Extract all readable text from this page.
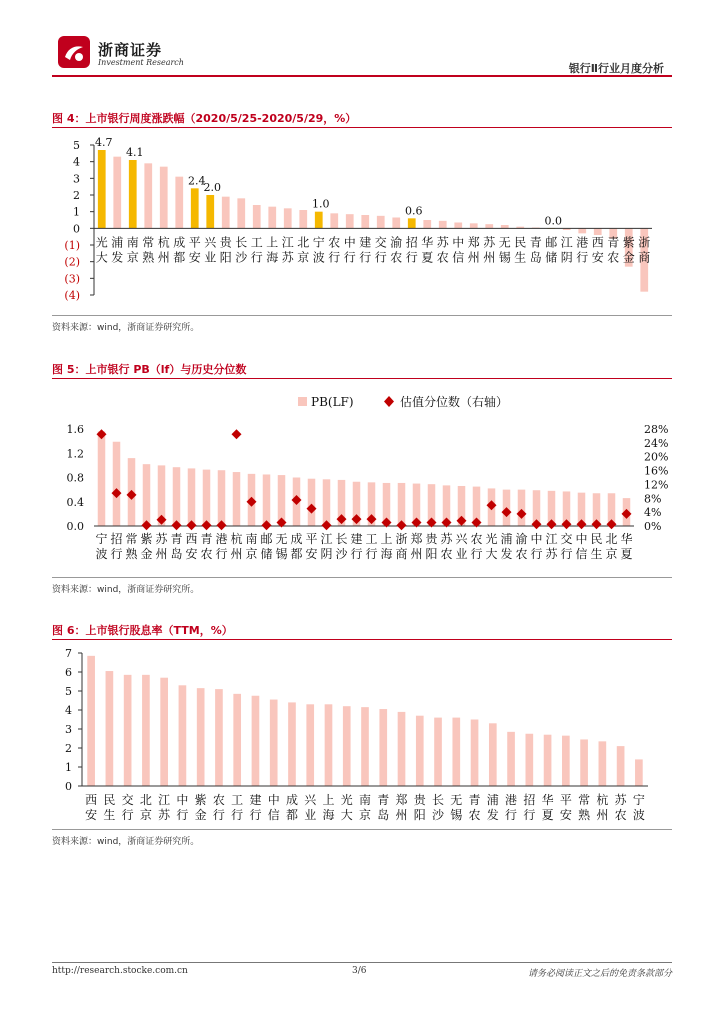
浙商证券
Investment Research	银行Ⅱ行业月度分析
图 4：上市银行周度涨跌幅（2020/5/25-2020/5/29，%）
5
4
3
2
1
0
(1)
(2)
(3)
(4)
4.7
4.1
2.4
2.0
1.0
0.6
0.0
光
大
浦
发
南
京
常
熟
杭
州
成
都
平
安
兴
业
贵
阳
长
沙
工
行
上
海
江
苏
北
京
宁
波
农
行
中
行
建
行
交
行
渝
农
招
行
华
夏
苏
农
中
信
郑
州
苏
州
无
锡
民
生
青
岛
邮
储
江
阴
港
行
西
安
青
农
紫
金
浙
商
资料来源：wind，浙商证券研究所。
图 5：上市银行 PB（lf）与历史分位数
PB(LF)	估值分位数（右轴）
0.0
0.4
0.8
1.2
1.6
0%
4%
8%
12%
16%
20%
24%
28%
宁
波
招
行
常
熟
紫
金
苏
州
青
岛
西
安
青
农
港
行
杭
州
南
京
邮
储
无
锡
成
都
平
安
江
阴
长
沙
建
行
工
行
上
海
浙
商
郑
州
贵
阳
苏
农
兴
业
农
行
光
大
浦
发
渝
农
中
行
江
苏
交
行
中
信
民
生
北
京
华
夏
资料来源：wind，浙商证券研究所。
图 6：上市银行股息率（TTM，%）
0
1
2
3
4
5
6
7
西
安
民
生
交
行
北
京
江
苏
中
行
紫
金
农
行
工
行
建
行
中
信
成
都
兴
业
上
海
光
大
南
京
青
岛
郑
州
贵
阳
长
沙
无
锡
青
农
浦
发
港
行
招
行
华
夏
平
安
常
熟
杭
州
苏
农
宁
波
资料来源：wind，浙商证券研究所。
http://research.stocke.com.cn	3/6	请务必阅读正文之后的免责条款部分
